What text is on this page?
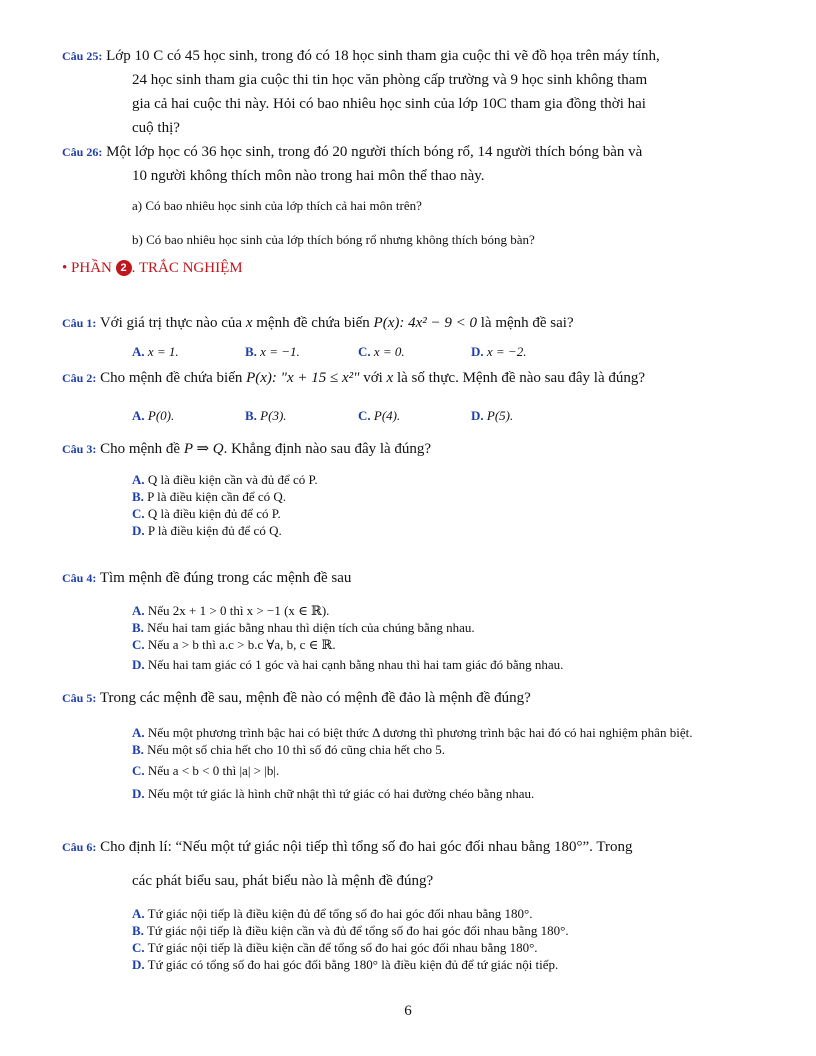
Câu 25: Lớp 10 C có 45 học sinh, trong đó có 18 học sinh tham gia cuộc thi vẽ đồ họa trên máy tính,
24 học sinh tham gia cuộc thi tin học văn phòng cấp trường và 9 học sinh không tham
gia cả hai cuộc thi này. Hỏi có bao nhiêu học sinh của lớp 10C tham gia đồng thời hai
cuộ thị?
Câu 26: Một lớp học có 36 học sinh, trong đó 20 người thích bóng rổ, 14 người thích bóng bàn và
10 người không thích môn nào trong hai môn thể thao này.
a) Có bao nhiêu học sinh của lớp thích cả hai môn trên?
b) Có bao nhiêu học sinh của lớp thích bóng rổ nhưng không thích bóng bàn?
• PHẦN 2 . TRẮC NGHIỆM
Câu 1: Với giá trị thực nào của x mệnh đề chứa biến P(x): 4x² − 9 < 0 là mệnh đề sai?
A. x = 1.	B. x = −1.	C. x = 0.	D. x = −2.
Câu 2: Cho mệnh đề chứa biến P(x): "x + 15 ≤ x²" với x là số thực. Mệnh đề nào sau đây là đúng?
A. P(0).	B. P(3).	C. P(4).	D. P(5).
Câu 3: Cho mệnh đề P ⇒ Q. Khẳng định nào sau đây là đúng?
A. Q là điều kiện cần và đủ để có P.
B. P là điều kiện cần để có Q.
C. Q là điều kiện đủ để có P.
D. P là điều kiện đủ để có Q.
Câu 4: Tìm mệnh đề đúng trong các mệnh đề sau
A. Nếu 2x + 1 > 0 thì x > −1 (x ∈ ℝ).
B. Nếu hai tam giác bằng nhau thì diện tích của chúng bằng nhau.
C. Nếu a > b thì a.c > b.c ∀a, b, c ∈ ℝ.
D. Nếu hai tam giác có 1 góc và hai cạnh bằng nhau thì hai tam giác đó bằng nhau.
Câu 5: Trong các mệnh đề sau, mệnh đề nào có mệnh đề đảo là mệnh đề đúng?
A. Nếu một phương trình bậc hai có biệt thức Δ dương thì phương trình bậc hai đó có hai nghiệm phân biệt.
B. Nếu một số chia hết cho 10 thì số đó cũng chia hết cho 5.
C. Nếu a < b < 0 thì |a| > |b|.
D. Nếu một tứ giác là hình chữ nhật thì tứ giác có hai đường chéo bằng nhau.
Câu 6: Cho định lí: “Nếu một tứ giác nội tiếp thì tổng số đo hai góc đối nhau bằng 180°”. Trong
các phát biểu sau, phát biểu nào là mệnh đề đúng?
A. Tứ giác nội tiếp là điều kiện đủ để tổng số đo hai góc đối nhau bằng 180°.
B. Tứ giác nội tiếp là điều kiện cần và đủ để tổng số đo hai góc đối nhau bằng 180°.
C. Tứ giác nội tiếp là điều kiện cần để tổng số đo hai góc đối nhau bằng 180°.
D. Tứ giác có tổng số đo hai góc đối bằng 180° là điều kiện đủ để tứ giác nội tiếp.
6
